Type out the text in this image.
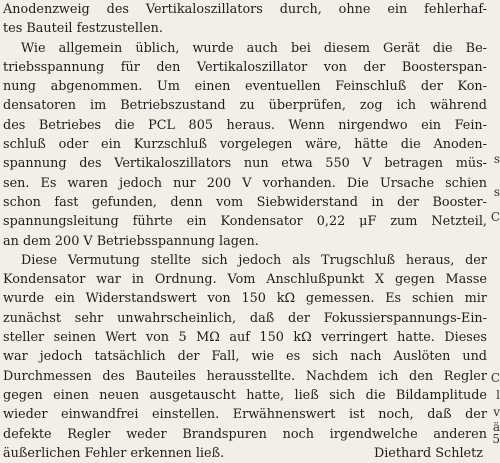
Anodenzweig des Vertikaloszillators durch, ohne ein fehlerhaf-
tes Bauteil festzustellen.
Wie allgemein üblich, wurde auch bei diesem Gerät die Be-
triebsspannung für den Vertikaloszillator von der Boosterspan-
nung abgenommen. Um einen eventuellen Feinschluß der Kon-
densatoren im Betriebszustand zu überprüfen, zog ich während
des Betriebes die PCL 805 heraus. Wenn nirgendwo ein Fein-
schluß oder ein Kurzschluß vorgelegen wäre, hätte die Anoden-
spannung des Vertikaloszillators nun etwa 550 V betragen müs-
sen. Es waren jedoch nur 200 V vorhanden. Die Ursache schien
schon fast gefunden, denn vom Siebwiderstand in der Booster-
spannungsleitung führte ein Kondensator 0,22 μF zum Netzteil,
an dem 200 V Betriebsspannung lagen.
Diese Vermutung stellte sich jedoch als Trugschluß heraus, der
Kondensator war in Ordnung. Vom Anschlußpunkt X gegen Masse
wurde ein Widerstandswert von 150 kΩ gemessen. Es schien mir
zunächst sehr unwahrscheinlich, daß der Fokussierspannungs-Ein-
steller seinen Wert von 5 MΩ auf 150 kΩ verringert hatte. Dieses
war jedoch tatsächlich der Fall, wie es sich nach Auslöten und
Durchmessen des Bauteiles herausstellte. Nachdem ich den Regler
gegen einen neuen ausgetauscht hatte, ließ sich die Bildamplitude
wieder einwandfrei einstellen. Erwähnenswert ist noch, daß der
defekte Regler weder Brandspuren noch irgendwelche anderen
äußerlichen Fehler erkennen ließ.	Diethard Schletz
s
s
C
C
l
v
ä
5
